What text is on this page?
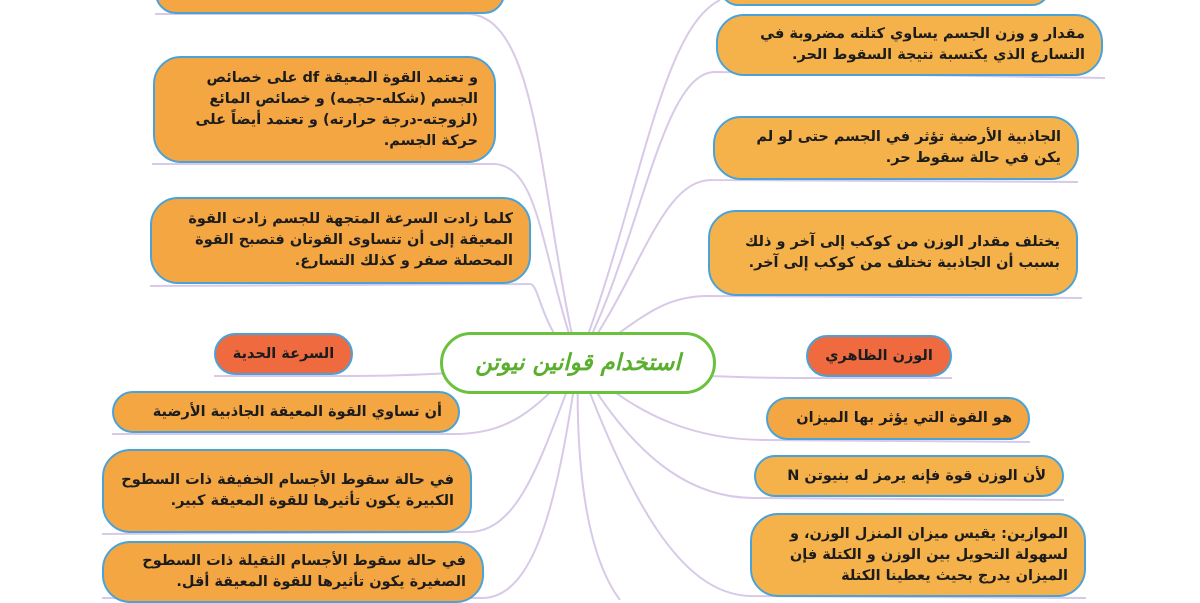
و تعتمد القوة المعيقة df على خصائص الجسم (شكله-حجمه) و خصائص المائع (لزوجته-درجة حرارته) و تعتمد أيضاً على حركة الجسم.
كلما زادت السرعة المتجهة للجسم زادت القوة المعيقة إلى أن تتساوى القوتان فتصبح القوة المحصلة صفر و كذلك التسارع.
السرعة الحدية
أن تساوي القوة المعيقة الجاذبية الأرضية
في حالة سقوط الأجسام الخفيفة ذات السطوح الكبيرة يكون تأثيرها للقوة المعيقة كبير.
في حالة سقوط الأجسام الثقيلة ذات السطوح الصغيرة يكون تأثيرها للقوة المعيقة أقل.
استخدام قوانين نيوتن
مقدار و وزن الجسم يساوي كتلته مضروبة في التسارع الذي يكتسبة نتيجة السقوط الحر.
الجاذبية الأرضية تؤثر في الجسم حتى لو لم يكن في حالة سقوط حر.
يختلف مقدار الوزن من كوكب إلى آخر و ذلك بسبب أن الجاذبية تختلف من كوكب إلى آخر.
الوزن الظاهري
هو القوة التي يؤثر بها الميزان
لأن الوزن قوة فإنه يرمز له بنيوتن N
الموازين: يقيس ميزان المنزل الوزن، و لسهولة التحويل بين الوزن و الكتلة فإن الميزان يدرج بحيث يعطينا الكتلة
